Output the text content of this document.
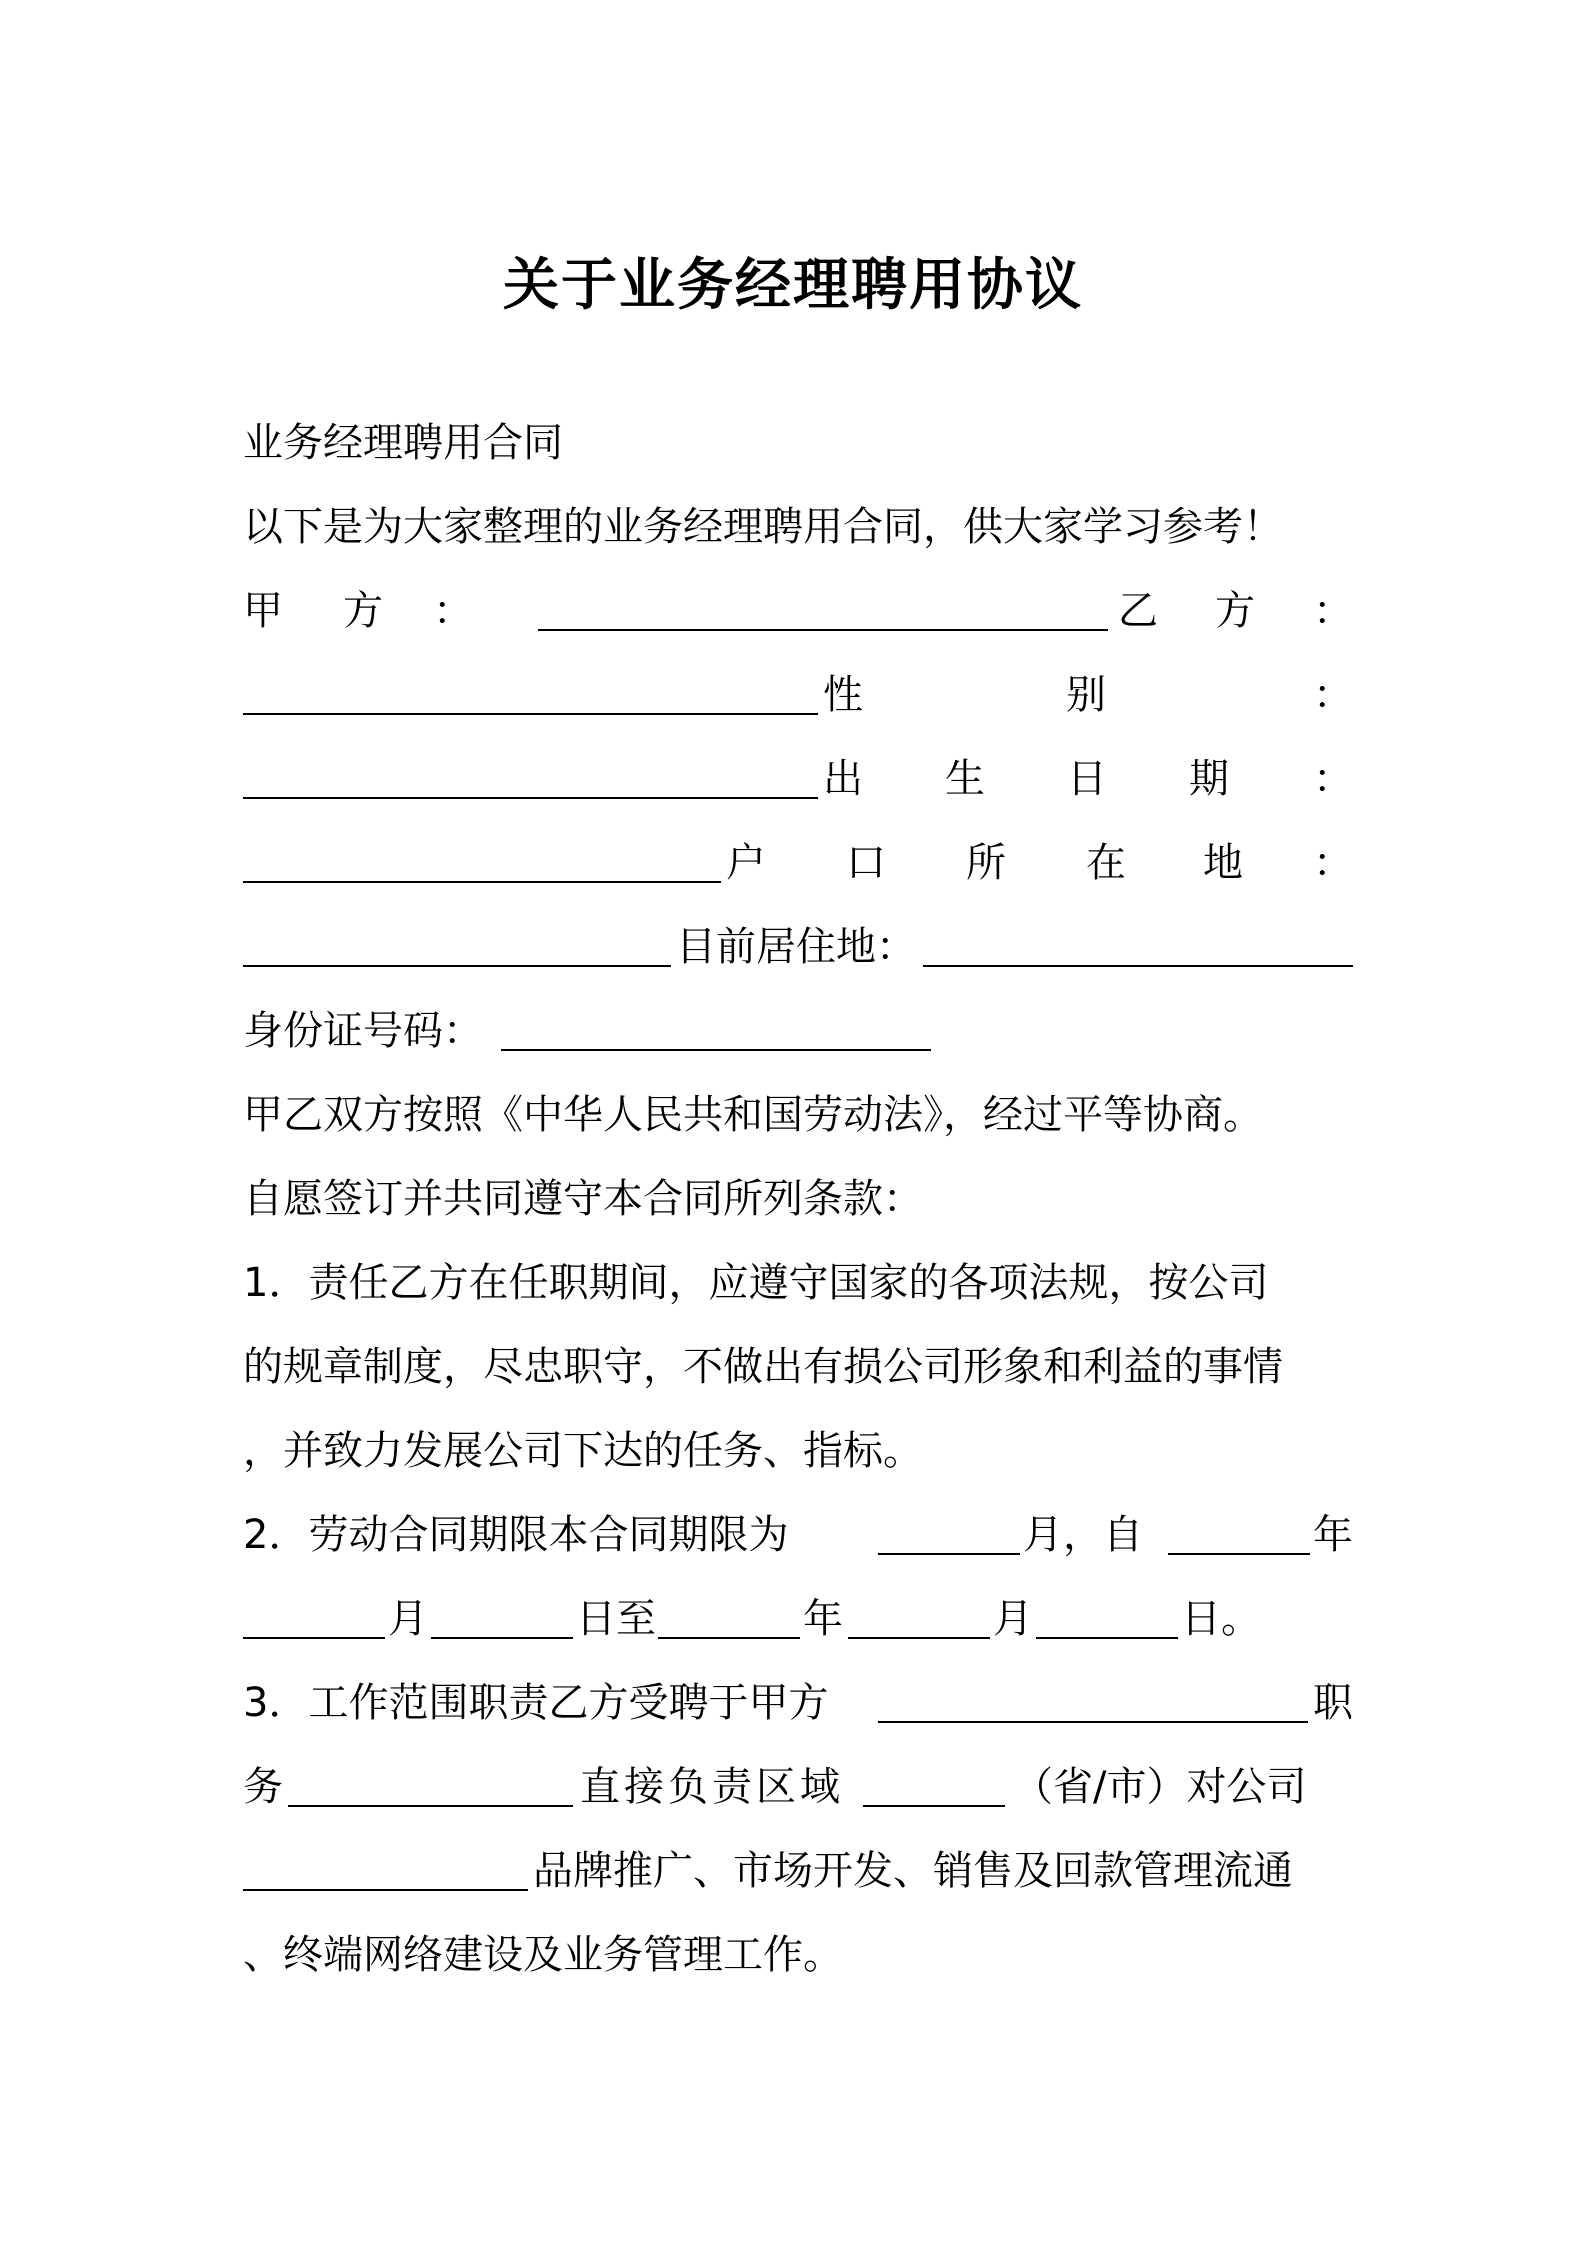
关于业务经理聘用协议
业务经理聘用合同
以下是为大家整理的业务经理聘用合同，供大家学习参考！
甲 方 ：	乙 方 ：
性	别	：
出 生 日 期 ：
户 口 所 在 地 ：
目前居住地：
身份证号码：
甲乙双方按照《中华人民共和国劳动法》，经过平等协商。
自愿签订并共同遵守本合同所列条款：
1．责任乙方在任职期间，应遵守国家的各项法规，按公司
的规章制度，尽忠职守，不做出有损公司形象和利益的事情
，并致力发展公司下达的任务、指标。
2．劳动合同期限本合同期限为	月，自	年
月	日至	年	月	日。
3．工作范围职责乙方受聘于甲方	职
务	直接负责区域	（省/市）对公司
品牌推广、市场开发、销售及回款管理流通
、终端网络建设及业务管理工作。
